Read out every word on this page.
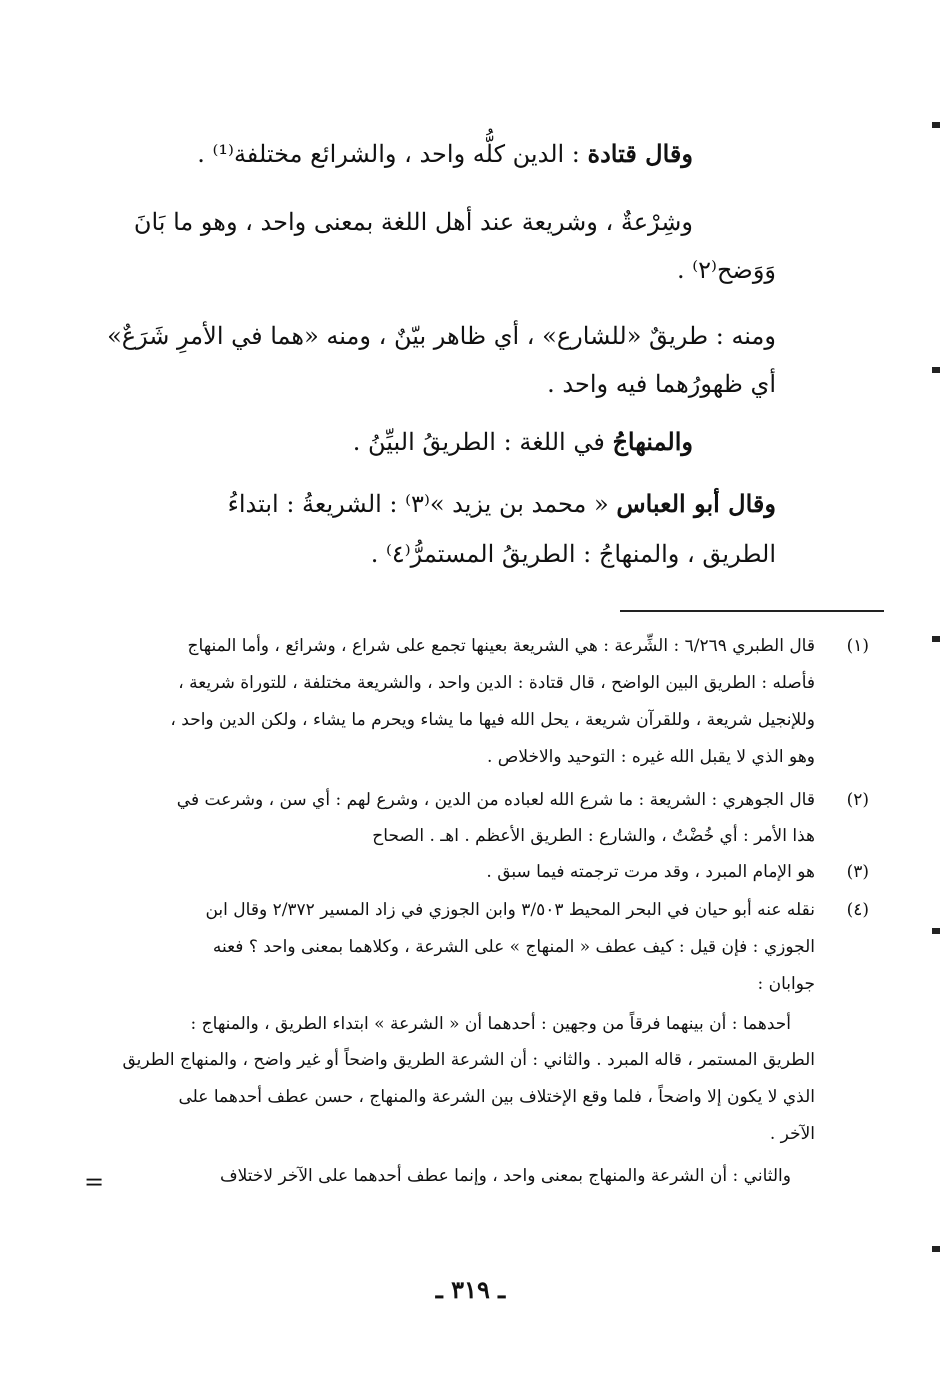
وقال قتادة : الدين كلُّه واحد ، والشرائع مختلفة⁽¹⁾ .
وشِرْعةٌ ، وشريعة عند أهل اللغة بمعنى واحد ، وهو ما بَانَ
وَوَضح⁽٢⁾ .
ومنه : طريقٌ «للشارع» ، أي ظاهر بيّنٌ ، ومنه «هما في الأمرِ شَرَعٌ»
أي ظهورُهما فيه واحد .
والمنهاجُ في اللغة : الطريقُ البيِّنُ .
وقال أبو العباس « محمد بن يزيد »⁽٣⁾ : الشريعةُ : ابتداءُ
الطريق ، والمنهاجُ : الطريقُ المستمرُّ⁽٤⁾ .
(١)
قال الطبري ٦/٢٦٩ : الشِّرعة : هي الشريعة بعينها تجمع على شراع ، وشرائع ، وأما المنهاج
فأصله : الطريق البين الواضح ، قال قتادة : الدين واحد ، والشريعة مختلفة ، للتوراة شريعة ،
وللإنجيل شريعة ، وللقرآن شريعة ، يحل الله فيها ما يشاء ويحرم ما يشاء ، ولكن الدين واحد ،
وهو الذي لا يقبل الله غيره : التوحيد والاخلاص .
(٢)
قال الجوهري : الشريعة : ما شرع الله لعباده من الدين ، وشرع لهم : أي سن ، وشرعت في
هذا الأمر : أي خُضْتُ ، والشارع : الطريق الأعظم . اهـ . الصحاح
(٣)
هو الإمام المبرد ، وقد مرت ترجمته فيما سبق .
(٤)
نقله عنه أبو حيان في البحر المحيط ٣/٥٠٣ وابن الجوزي في زاد المسير ٢/٣٧٢ وقال ابن
الجوزي : فإن قيل : كيف عطف « المنهاج » على الشرعة ، وكلاهما بمعنى واحد ؟ فعنه
جوابان :
أحدهما : أن بينهما فرقاً من وجهين : أحدهما أن « الشرعة » ابتداء الطريق ، والمنهاج :
الطريق المستمر ، قاله المبرد . والثاني : أن الشرعة الطريق واضحاً أو غير واضح ، والمنهاج الطريق
الذي لا يكون إلا واضحاً ، فلما وقع الإختلاف بين الشرعة والمنهاج ، حسن عطف أحدهما على
الآخر .
والثاني : أن الشرعة والمنهاج بمعنى واحد ، وإنما عطف أحدهما على الآخر لاختلاف
=
ـ ٣١٩ ـ
